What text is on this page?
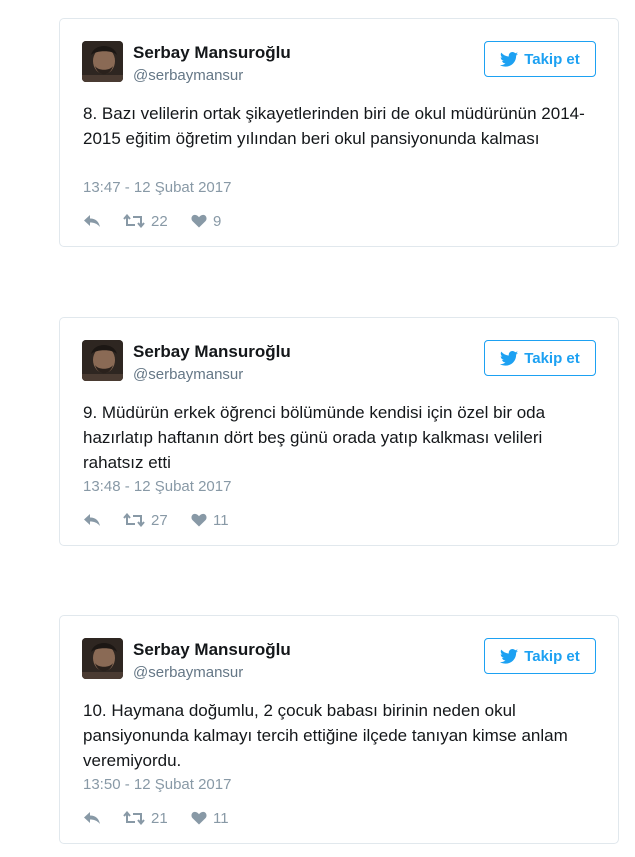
Serbay Mansuroğlu
@serbaymansur
Takip et

8. Bazı velilerin ortak şikayetlerinden biri de okul müdürünün 2014-2015 eğitim öğretim yılından beri okul pansiyonunda kalması

13:47 - 12 Şubat 2017
22	9
Serbay Mansuroğlu
@serbaymansur
Takip et

9. Müdürün erkek öğrenci bölümünde kendisi için özel bir oda hazırlatıp haftanın dört beş günü orada yatıp kalkması velileri rahatsız etti

13:48 - 12 Şubat 2017
27	11
Serbay Mansuroğlu
@serbaymansur
Takip et

10. Haymana doğumlu, 2 çocuk babası birinin neden okul pansiyonunda kalmayı tercih ettiğine ilçede tanıyan kimse anlam veremiyordu.

13:50 - 12 Şubat 2017
21	11
